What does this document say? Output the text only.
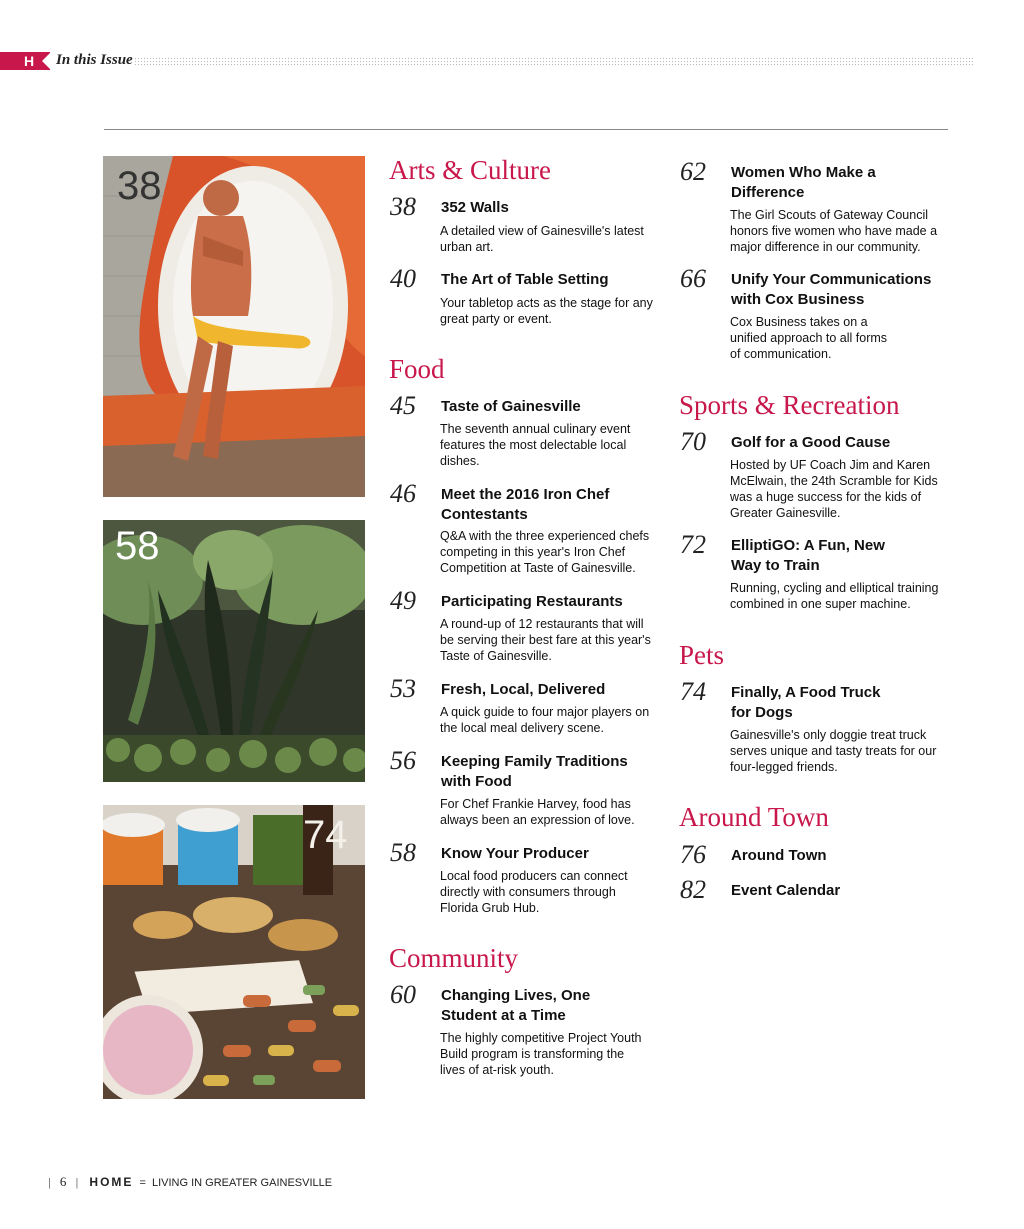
H In this Issue
38
58
74
Arts & Culture
38 352 Walls
A detailed view of Gainesville's latest urban art.
40 The Art of Table Setting
Your tabletop acts as the stage for any great party or event.
Food
45 Taste of Gainesville
The seventh annual culinary event features the most delectable local dishes.
46 Meet the 2016 Iron Chef Contestants
Q&A with the three experienced chefs competing in this year's Iron Chef Competition at Taste of Gainesville.
49 Participating Restaurants
A round-up of 12 restaurants that will be serving their best fare at this year's Taste of Gainesville.
53 Fresh, Local, Delivered
A quick guide to four major players on the local meal delivery scene.
56 Keeping Family Traditions with Food
For Chef Frankie Harvey, food has always been an expression of love.
58 Know Your Producer
Local food producers can connect directly with consumers through Florida Grub Hub.
Community
60 Changing Lives, One Student at a Time
The highly competitive Project Youth Build program is transforming the lives of at-risk youth.
62 Women Who Make a Difference
The Girl Scouts of Gateway Council honors five women who have made a major difference in our community.
66 Unify Your Communications with Cox Business
Cox Business takes on a unified approach to all forms of communication.
Sports & Recreation
70 Golf for a Good Cause
Hosted by UF Coach Jim and Karen McElwain, the 24th Scramble for Kids was a huge success for the kids of Greater Gainesville.
72 ElliptiGO: A Fun, New Way to Train
Running, cycling and elliptical training combined in one super machine.
Pets
74 Finally, A Food Truck for Dogs
Gainesville's only doggie treat truck serves unique and tasty treats for our four-legged friends.
Around Town
76 Around Town
82 Event Calendar
| 6 | HOME = LIVING IN GREATER GAINESVILLE
